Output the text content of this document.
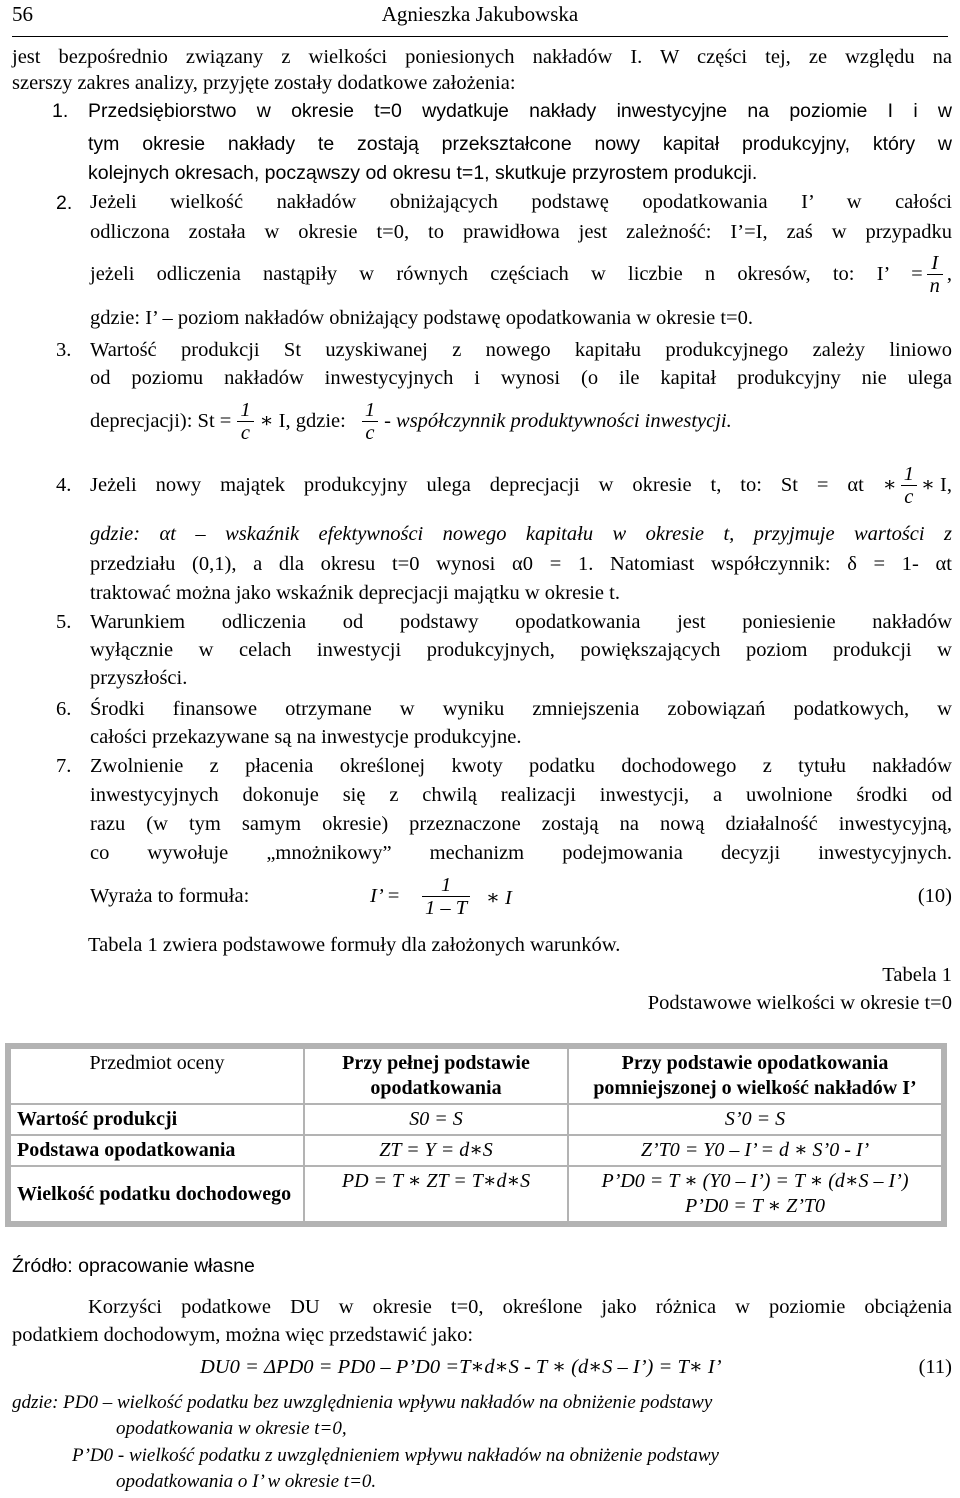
56	Agnieszka Jakubowska
jest bezpośrednio związany z wielkości poniesionych nakładów I. W części tej, ze względu na
szerszy zakres analizy, przyjęte zostały dodatkowe założenia:
1. Przedsiębiorstwo w okresie t=0 wydatkuje nakłady inwestycyjne na poziomie I i w
tym okresie nakłady te zostają przekształcone nowy kapitał produkcyjny, który w
kolejnych okresach, począwszy od okresu t=1, skutkuje przyrostem produkcji.
2. Jeżeli wielkość nakładów obniżających podstawę opodatkowania I’ w całości
odliczona została w okresie t=0, to prawidłowa jest zależność: I’=I, zaś w przypadku
jeżeli odliczenia nastąpiły w równych częściach w liczbie n okresów, to: I’ = $\frac{I}{n}$ ,
gdzie: I’ – poziom nakładów obniżający podstawę opodatkowania w okresie t=0.
3. Wartość produkcji St uzyskiwanej z nowego kapitału produkcyjnego zależy liniowo
od poziomu nakładów inwestycyjnych i wynosi (o ile kapitał produkcyjny nie ulega
deprecjacji): $St = \frac{1}{c}$ ∗ I, gdzie: $\frac{1}{c}$ - współczynnik produktywności inwestycji.
4. Jeżeli nowy majątek produkcyjny ulega deprecjacji w okresie t, to: St = αt ∗ $\frac{1}{c}$ ∗ I,
gdzie: αt – wskaźnik efektywności nowego kapitału w okresie t, przyjmuje wartości z
przedziału (0,1), a dla okresu t=0 wynosi α0 = 1. Natomiast współczynnik: δ = 1- αt
traktować można jako wskaźnik deprecjacji majątku w okresie t.
5. Warunkiem odliczenia od podstawy opodatkowania jest poniesienie nakładów
wyłącznie w celach inwestycji produkcyjnych, powiększających poziom produkcji w
przyszłości.
6. Środki finansowe otrzymane w wyniku zmniejszenia zobowiązań podatkowych, w
całości przekazywane są na inwestycje produkcyjne.
7. Zwolnienie z płacenia określonej kwoty podatku dochodowego z tytułu nakładów
inwestycyjnych dokonuje się z chwilą realizacji inwestycji, a uwolnione środki od
razu (w tym samym okresie) przeznaczone zostają na nową działalność inwestycyjną,
co wywołuje „mnożnikowy” mechanizm podejmowania decyzji inwestycyjnych.
Wyraża to formuła:	I’ = $\frac{1}{1 - T}$ ∗ I	(10)
Tabela 1 zwiera podstawowe formuły dla założonych warunków.
Tabela 1
Podstawowe wielkości w okresie t=0
Przedmiot oceny	Przy pełnej podstawie opodatkowania	Przy podstawie opodatkowania pomniejszonej o wielkość nakładów I’
Wartość produkcji	S0 = S	S’0 = S
Podstawa opodatkowania	ZT = Y = d∗S	Z’T0 = Y0 – I’ = d ∗ S’0 - I’
Wielkość podatku dochodowego	PD = T ∗ ZT = T∗d∗S	P’D0 = T ∗ (Y0 – I’) = T ∗ (d∗S – I’)
P’D0 = T ∗ Z’T0
Źródło: opracowanie własne
Korzyści podatkowe DU w okresie t=0, określone jako różnica w poziomie obciążenia
podatkiem dochodowym, można więc przedstawić jako:
DU0 = ΔPD0 = PD0 – P’D0 =T∗d∗S - T ∗ (d∗S – I’) = T∗ I’	(11)
gdzie: PD0 – wielkość podatku bez uwzględnienia wpływu nakładów na obniżenie podstawy
opodatkowania w okresie t=0,
P’D0 - wielkość podatku z uwzględnieniem wpływu nakładów na obniżenie podstawy
opodatkowania o I’ w okresie t=0.
